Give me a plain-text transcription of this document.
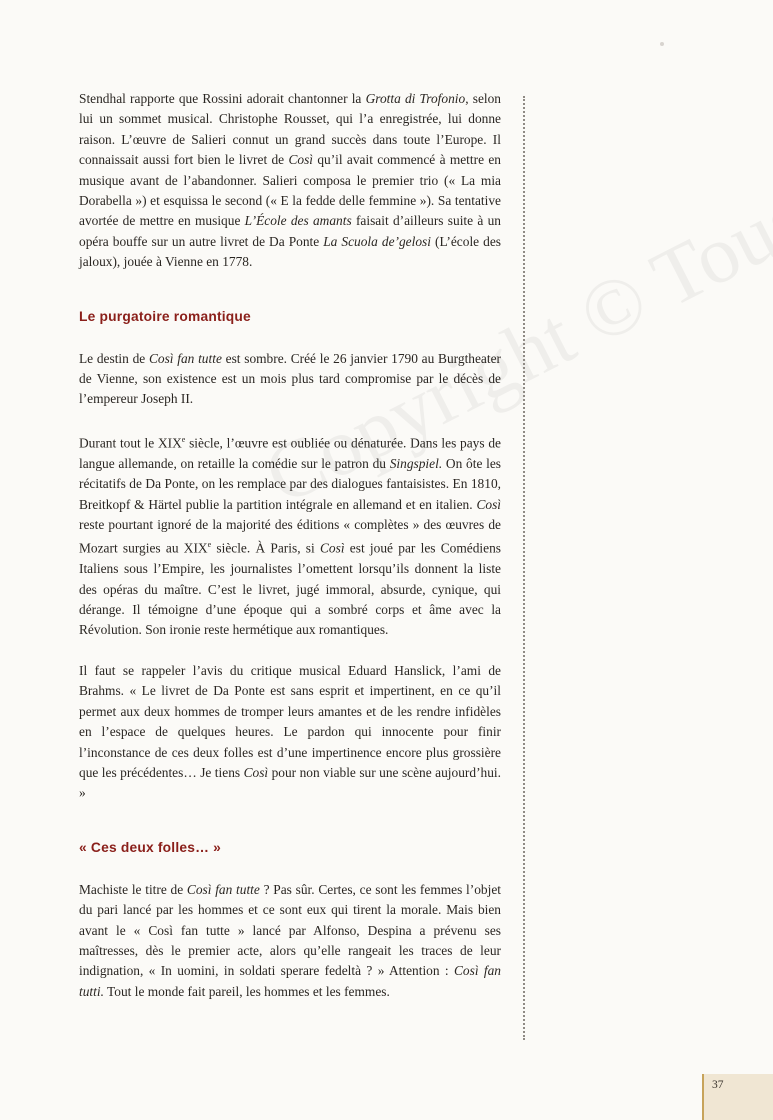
Stendhal rapporte que Rossini adorait chantonner la Grotta di Trofonio, selon lui un sommet musical. Christophe Rousset, qui l’a enregistrée, lui donne raison. L’œuvre de Salieri connut un grand succès dans toute l’Europe. Il connaissait aussi fort bien le livret de Così qu’il avait commencé à mettre en musique avant de l’abandonner. Salieri composa le premier trio (« La mia Dorabella ») et esquissa le second (« E la fedde delle femmine »). Sa tentative avortée de mettre en musique L’École des amants faisait d’ailleurs suite à un opéra bouffe sur un autre livret de Da Ponte La Scuola de’gelosi (L’école des jaloux), jouée à Vienne en 1778.

Le purgatoire romantique

Le destin de Così fan tutte est sombre. Créé le 26 janvier 1790 au Burgtheater de Vienne, son existence est un mois plus tard compromise par le décès de l’empereur Joseph II.

Durant tout le XIXe siècle, l’œuvre est oubliée ou dénaturée. Dans les pays de langue allemande, on retaille la comédie sur le patron du Singspiel. On ôte les récitatifs de Da Ponte, on les remplace par des dialogues fantaisistes. En 1810, Breitkopf & Härtel publie la partition intégrale en allemand et en italien. Così reste pourtant ignoré de la majorité des éditions « complètes » des œuvres de Mozart surgies au XIXe siècle. À Paris, si Così est joué par les Comédiens Italiens sous l’Empire, les journalistes l’omettent lorsqu’ils donnent la liste des opéras du maître. C’est le livret, jugé immoral, absurde, cynique, qui dérange. Il témoigne d’une époque qui a sombré corps et âme avec la Révolution. Son ironie reste hermétique aux romantiques.

Il faut se rappeler l’avis du critique musical Eduard Hanslick, l’ami de Brahms. « Le livret de Da Ponte est sans esprit et impertinent, en ce qu’il permet aux deux hommes de tromper leurs amantes et de les rendre infidèles en l’espace de quelques heures. Le pardon qui innocente pour finir l’inconstance de ces deux folles est d’une impertinence encore plus grossière que les précédentes… Je tiens Così pour non viable sur une scène aujourd’hui. »

« Ces deux folles… »

Machiste le titre de Così fan tutte ? Pas sûr. Certes, ce sont les femmes l’objet du pari lancé par les hommes et ce sont eux qui tirent la morale. Mais bien avant le « Così fan tutte » lancé par Alfonso, Despina a prévenu ses maîtresses, dès le premier acte, alors qu’elle rangeait les traces de leur indignation, « In uomini, in soldati sperare fedeltà ? » Attention : Così fan tutti. Tout le monde fait pareil, les hommes et les femmes.

37
